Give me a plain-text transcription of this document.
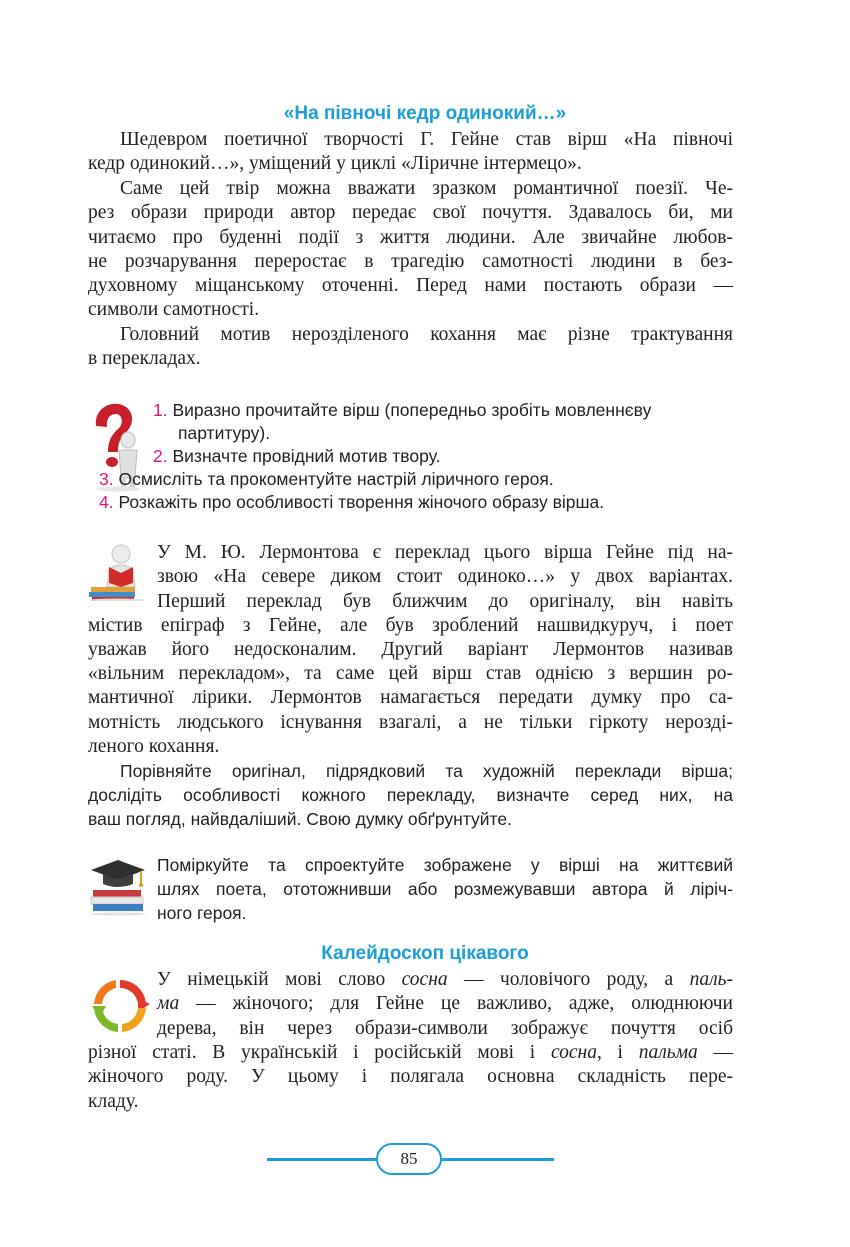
«На півночі кедр одинокий…»
Шедевром поетичної творчості Г. Гейне став вірш «На півночі
кедр одинокий…», уміщений у циклі «Ліричне інтермецо».
Саме цей твір можна вважати зразком романтичної поезії. Че-
рез образи природи автор передає свої почуття. Здавалось би, ми
читаємо про буденні події з життя людини. Але звичайне любов-
не розчарування переростає в трагедію самотності людини в без-
духовному міщанському оточенні. Перед нами постають образи —
символи самотності.
Головний мотив нерозділеного кохання має різне трактування
в перекладах.
1. Виразно прочитайте вірш (попередньо зробіть мовленнєву
партитуру).
2. Визначте провідний мотив твору.
3. Осмисліть та прокоментуйте настрій ліричного героя.
4. Розкажіть про особливості творення жіночого образу вірша.
У М. Ю. Лермонтова є переклад цього вірша Гейне під на-
звою «На севере диком стоит одиноко…» у двох варіантах.
Перший переклад був ближчим до оригіналу, він навіть
містив епіграф з Гейне, але був зроблений нашвидкуруч, і поет
уважав його недосконалим. Другий варіант Лермонтов називав
«вільним перекладом», та саме цей вірш став однією з вершин ро-
мантичної лірики. Лермонтов намагається передати думку про са-
мотність людського існування взагалі, а не тільки гіркоту нерозді-
леного кохання.
Порівняйте оригінал, підрядковий та художній переклади вірша;
дослідіть особливості кожного перекладу, визначте серед них, на
ваш погляд, найвдаліший. Свою думку обґрунтуйте.
Поміркуйте та спроектуйте зображене у вірші на життєвий
шлях поета, ототожнивши або розмежувавши автора й ліріч-
ного героя.
Калейдоскоп цікавого
У німецькій мові слово сосна — чоловічого роду, а паль-
ма — жіночого; для Гейне це важливо, адже, олюднюючи
дерева, він через образи-символи зображує почуття осіб
різної статі. В українській і російській мові і сосна, і пальма —
жіночого роду. У цьому і полягала основна складність пере-
кладу.
85
